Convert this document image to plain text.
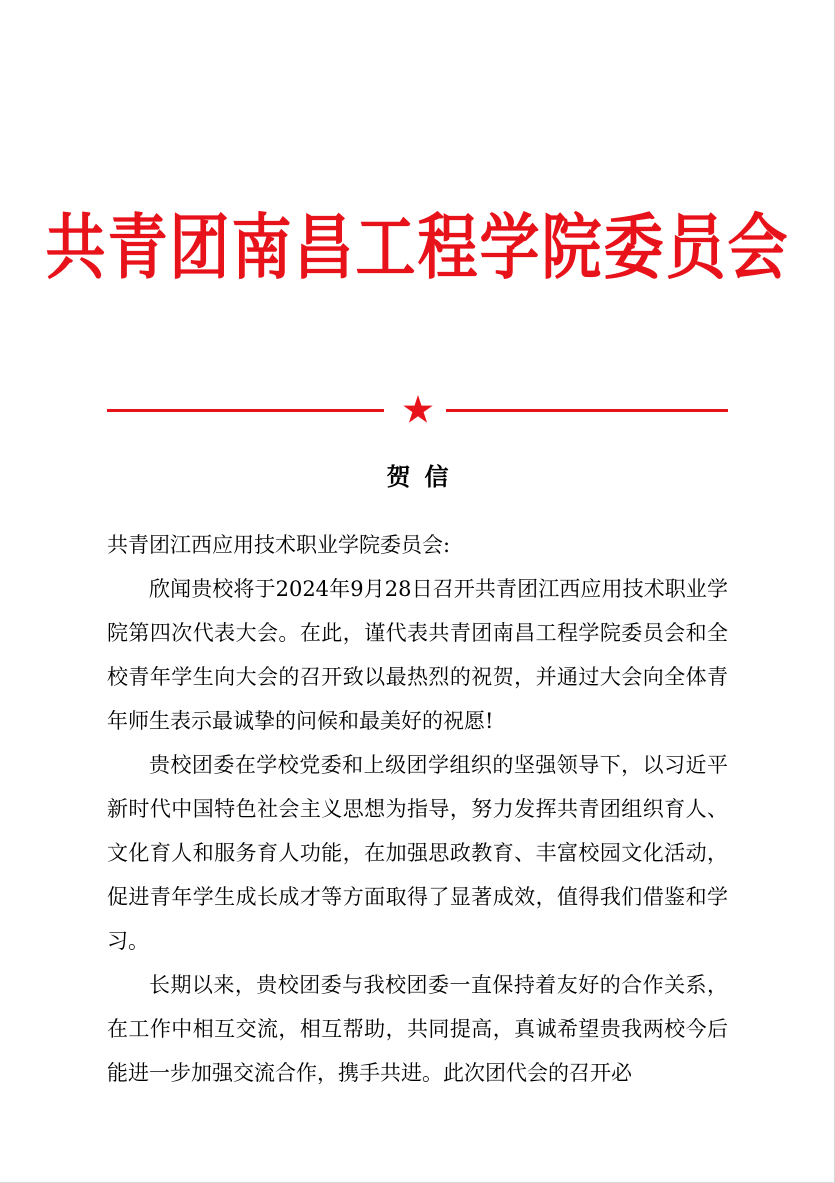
共青团南昌工程学院委员会
贺信

共青团江西应用技术职业学院委员会:

欣闻贵校将于2024年9月28日召开共青团江西应用技术职业学院第四次代表大会。在此，谨代表共青团南昌工程学院委员会和全校青年学生向大会的召开致以最热烈的祝贺，并通过大会向全体青年师生表示最诚挚的问候和最美好的祝愿!

贵校团委在学校党委和上级团学组织的坚强领导下，以习近平新时代中国特色社会主义思想为指导，努力发挥共青团组织育人、文化育人和服务育人功能，在加强思政教育、丰富校园文化活动，促进青年学生成长成才等方面取得了显著成效，值得我们借鉴和学习。

长期以来，贵校团委与我校团委一直保持着友好的合作关系，在工作中相互交流，相互帮助，共同提高，真诚希望贵我两校今后能进一步加强交流合作，携手共进。此次团代会的召开必
